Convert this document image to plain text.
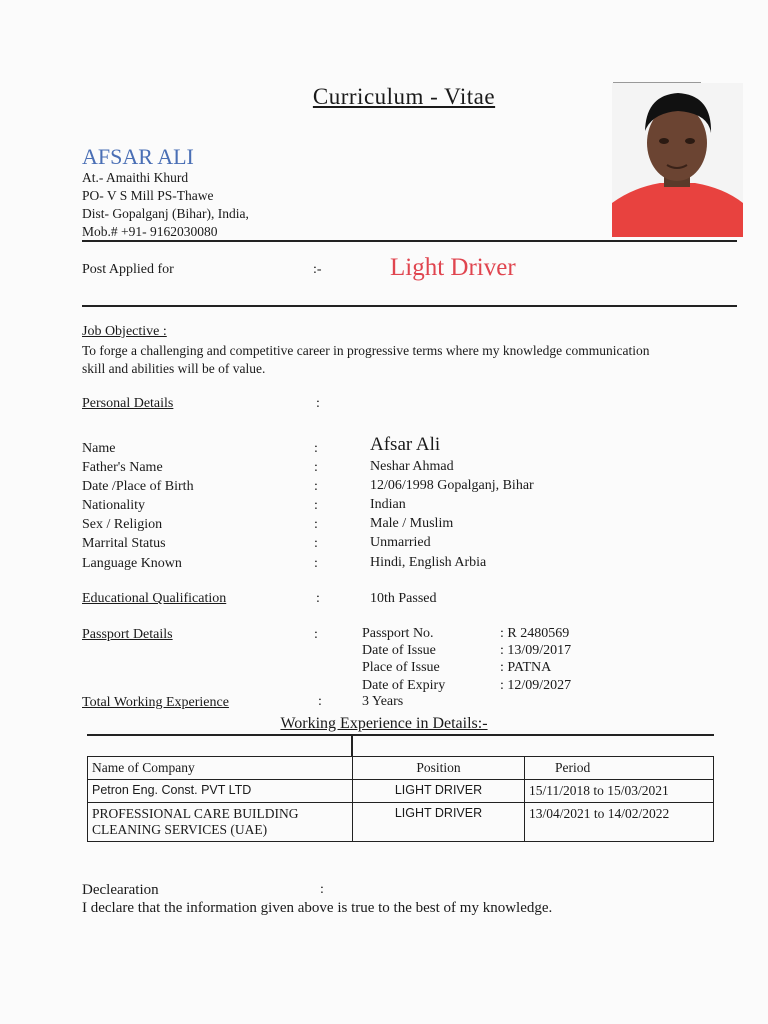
Curriculum - Vitae
AFSAR ALI
At.- Amaithi Khurd
PO- V S Mill PS-Thawe
Dist- Gopalganj (Bihar), India,
Mob.# +91- 9162030080
Post Applied for	:-	Light Driver
Job Objective :
To forge a challenging and competitive career in progressive terms where my knowledge communication skill and abilities will be of value.
Personal Details	:
Name	:	Afsar Ali
Father's Name	:	Neshar Ahmad
Date /Place of Birth	:	12/06/1998 Gopalganj, Bihar
Nationality	:	Indian
Sex / Religion	:	Male / Muslim
Marrital Status	:	Unmarried
Language Known	:	Hindi, English Arbia
Educational Qualification	:	10th Passed
Passport Details	:	Passport No.	: R 2480569
Date of Issue	: 13/09/2017
Place of Issue	: PATNA
Date of Expiry	: 12/09/2027
Total Working Experience	:	3 Years
Working Experience in Details:-
Name of Company	Position	Period
Petron Eng. Const. PVT LTD	LIGHT DRIVER	15/11/2018 to 15/03/2021
PROFESSIONAL CARE BUILDING CLEANING SERVICES (UAE)	LIGHT DRIVER	13/04/2021 to 14/02/2022
Declearation	:
I declare that the information given above is true to the best of my knowledge.
